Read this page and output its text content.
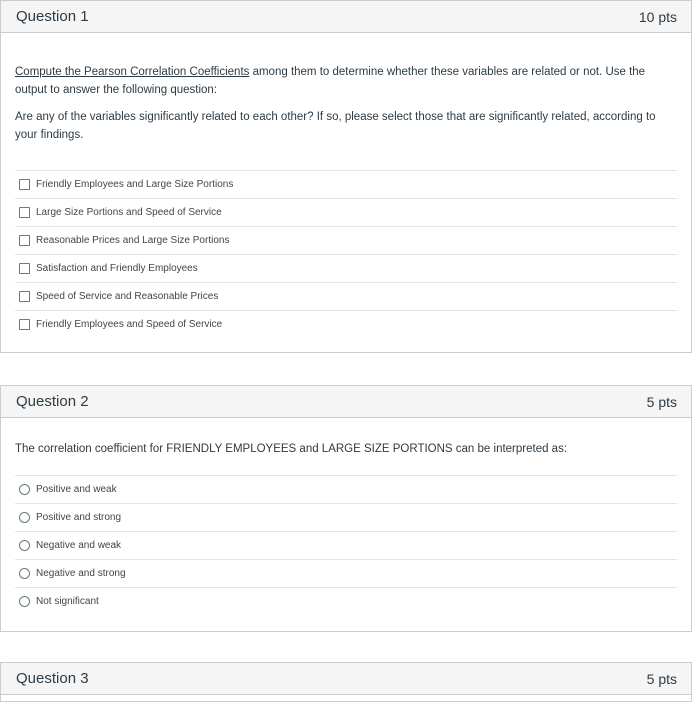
Question 1	10 pts

Compute the Pearson Correlation Coefficients among them to determine whether these variables are related or not. Use the output to answer the following question:

Are any of the variables significantly related to each other? If so, please select those that are significantly related, according to your findings.

Friendly Employees and Large Size Portions
Large Size Portions and Speed of Service
Reasonable Prices and Large Size Portions
Satisfaction and Friendly Employees
Speed of Service and Reasonable Prices
Friendly Employees and Speed of Service
Question 2	5 pts

The correlation coefficient for FRIENDLY EMPLOYEES and LARGE SIZE PORTIONS can be interpreted as:

Positive and weak
Positive and strong
Negative and weak
Negative and strong
Not significant
Question 3	5 pts
